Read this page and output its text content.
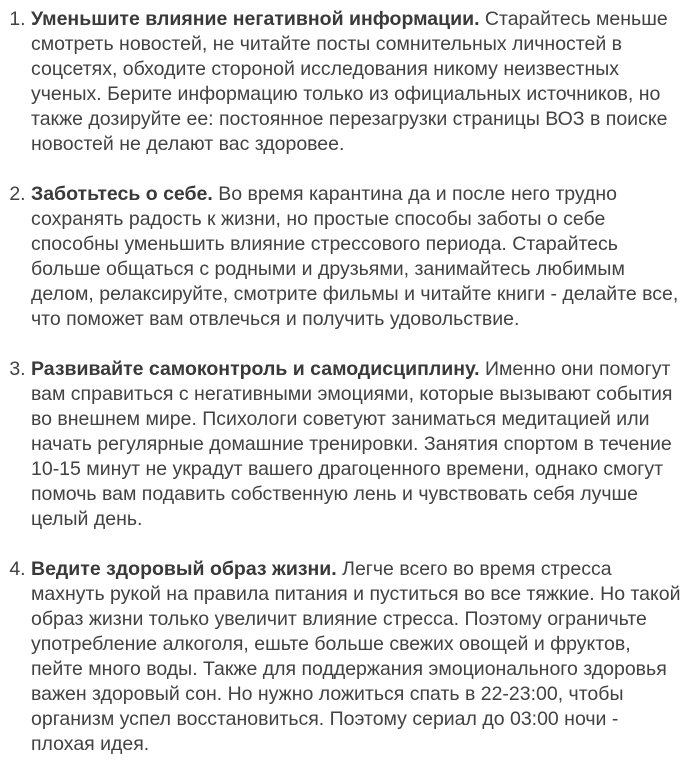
1. Уменьшите влияние негативной информации. Старайтесь меньше смотреть новостей, не читайте посты сомнительных личностей в соцсетях, обходите стороной исследования никому неизвестных ученых. Берите информацию только из официальных источников, но также дозируйте ее: постоянное перезагрузки страницы ВОЗ в поиске новостей не делают вас здоровее.
2. Заботьтесь о себе. Во время карантина да и после него трудно сохранять радость к жизни, но простые способы заботы о себе способны уменьшить влияние стрессового периода. Старайтесь больше общаться с родными и друзьями, занимайтесь любимым делом, релаксируйте, смотрите фильмы и читайте книги - делайте все, что поможет вам отвлечься и получить удовольствие.
3. Развивайте самоконтроль и самодисциплину. Именно они помогут вам справиться с негативными эмоциями, которые вызывают события во внешнем мире. Психологи советуют заниматься медитацией или начать регулярные домашние тренировки. Занятия спортом в течение 10-15 минут не украдут вашего драгоценного времени, однако смогут помочь вам подавить собственную лень и чувствовать себя лучше целый день.
4. Ведите здоровый образ жизни. Легче всего во время стресса махнуть рукой на правила питания и пуститься во все тяжкие. Но такой образ жизни только увеличит влияние стресса. Поэтому ограничьте употребление алкоголя, ешьте больше свежих овощей и фруктов, пейте много воды. Также для поддержания эмоционального здоровья важен здоровый сон. Но нужно ложиться спать в 22-23:00, чтобы организм успел восстановиться. Поэтому сериал до 03:00 ночи - плохая идея.
